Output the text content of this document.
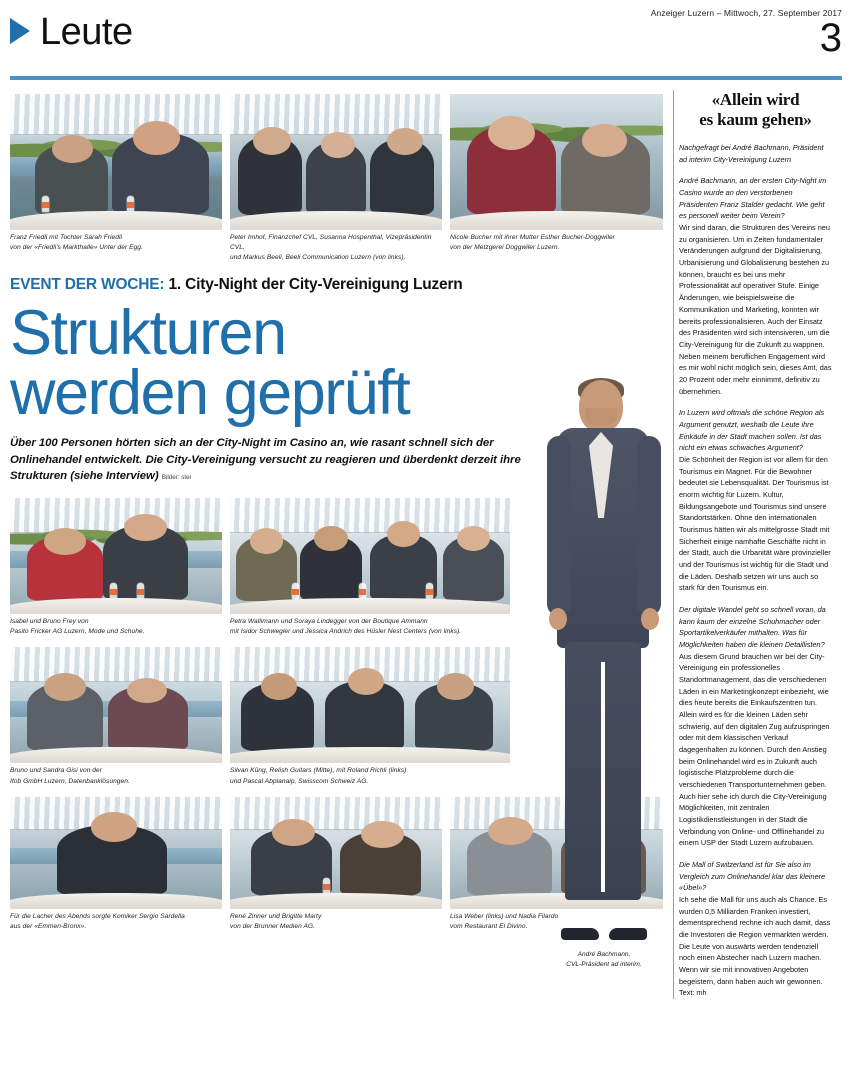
Anzeiger Luzern – Mittwoch, 27. September 2017
Leute	3
Franz Friedli mit Tochter Sarah Friedli
von der «Friedli's Markthalle» Unter der Egg.
Peter Imhof, Finanzchef CVL, Susanna Hospenthal, Vizepräsidentin CVL,
und Markus Beeli, Beeli Communication Luzern (von links).
Nicole Bucher mit ihrer Mutter Esther Bucher-Doggwiler
von der Metzgerei Doggwiler Luzern.
EVENT DER WOCHE: 1. City-Night der City-Vereinigung Luzern
Strukturen
werden geprüft
Über 100 Personen hörten sich an der City-Night im Casino an, wie rasant schnell sich der Onlinehandel entwickelt. Die City-Vereinigung versucht zu reagieren und überdenkt derzeit ihre Strukturen (siehe Interview) Bilder: stei
Isabel und Bruno Frey von
Pasito Fricker AG Luzern, Mode und Schuhe.
Petra Wallimann und Soraya Lindegger von der Boutique Ammann
mit Isidor Schwegler und Jessica Andrich des Hüsler Nest Centers (von links).
Bruno und Sandra Gisi von der
Ifob GmbH Luzern, Datenbanklösungen.
Silvan Küng, Relish Guitars (Mitte), mit Roland Richli (links)
und Pascal Abplanalp, Swisscom Schweiz AG.
Für die Lacher des Abends sorgte Komiker Sergio Sardella
aus der «Emmen-Bronx».
René Zinner und Brigitte Marty
von der Brunner Medien AG.
Lisa Weber (links) und Nadia Filardo
vom Restaurant El Divino.
André Bachmann,
CVL-Präsident ad interim.
«Allein wird
es kaum gehen»
Nachgefragt bei André Bachmann, Präsident ad interim City-Vereinigung Luzern
André Bachmann, an der ersten City-Night im Casino wurde an den verstorbenen Präsidenten Franz Stalder gedacht. Wie geht es personell weiter beim Verein?
Wir sind daran, die Strukturen des Vereins neu zu organisieren. Um in Zeiten fundamentaler Veränderungen aufgrund der Digitalisierung, Urbanisierung und Globalisierung bestehen zu können, braucht es bei uns mehr Professionalität auf operativer Stufe. Einige Änderungen, wie beispielsweise die Kommunikation und Marketing, konnten wir bereits professionalisieren. Auch der Einsatz des Präsidenten wird sich intensiveren, um die City-Vereinigung für die Zukunft zu wappnen. Neben meinem beruflichen Engagement wird es mir wohl nicht möglich sein, dieses Amt, das 20 Prozent oder mehr einnimmt, definitiv zu übernehmen.
In Luzern wird oftmals die schöne Region als Argument genutzt, weshalb die Leute ihre Einkäufe in der Stadt machen sollen. Ist das nicht ein etwas schwaches Argument?
Die Schönheit der Region ist vor allem für den Tourismus ein Magnet. Für die Bewohner bedeutet sie Lebensqualität. Der Tourismus ist enorm wichtig für Luzern. Kultur, Bildungsangebote und Tourismus sind unsere Standortstärken. Ohne den internationalen Tourismus hätten wir als mittelgrosse Stadt mit Sicherheit einige namhafte Geschäfte nicht in der Stadt, auch die Urbanität wäre provinzieller und der Tourismus ist wichtig für die Stadt und die Läden. Deshalb setzen wir uns auch so stark für den Tourismus ein.
Der digitale Wandel geht so schnell voran, da kann kaum der einzelne Schuhmacher oder Sportartikelverkäufer mithalten. Was für Möglichkeiten haben die kleinen Detaillisten?
Aus diesem Grund brauchen wir bei der City-Vereinigung ein professionelles Standortmanagement, das die verschiedenen Läden in ein Marketingkonzept einbezieht, wie dies heute bereits die Einkaufszentren tun. Allein wird es für die kleinen Läden sehr schwierig, auf den digitalen Zug aufzuspringen oder mit dem klassischen Verkauf dagegenhalten zu können. Durch den Anstieg beim Onlinehandel wird es in Zukunft auch logistische Platzprobleme durch die verschiedenen Transportunternehmen geben. Auch hier sehe ich durch die City-Vereinigung Möglichkeiten, mit zentralen Logistikdienstleistungen in der Stadt die Verbindung von Online- und Offlinehandel zu einem USP der Stadt Luzern aufzubauen.
Die Mall of Switzerland ist für Sie also im Vergleich zum Onlinehandel klar das kleinere «Übel»?
Ich sehe die Mall für uns auch als Chance. Es wurden 0,5 Milliarden Franken investiert, dementsprechend rechne ich auch damit, dass die Investoren die Region vermarkten werden. Die Leute von auswärts werden tendenziell noch einen Abstecher nach Luzern machen. Wenn wir sie mit innovativen Angeboten begeistern, dann haben auch wir gewonnen. Text: mh
